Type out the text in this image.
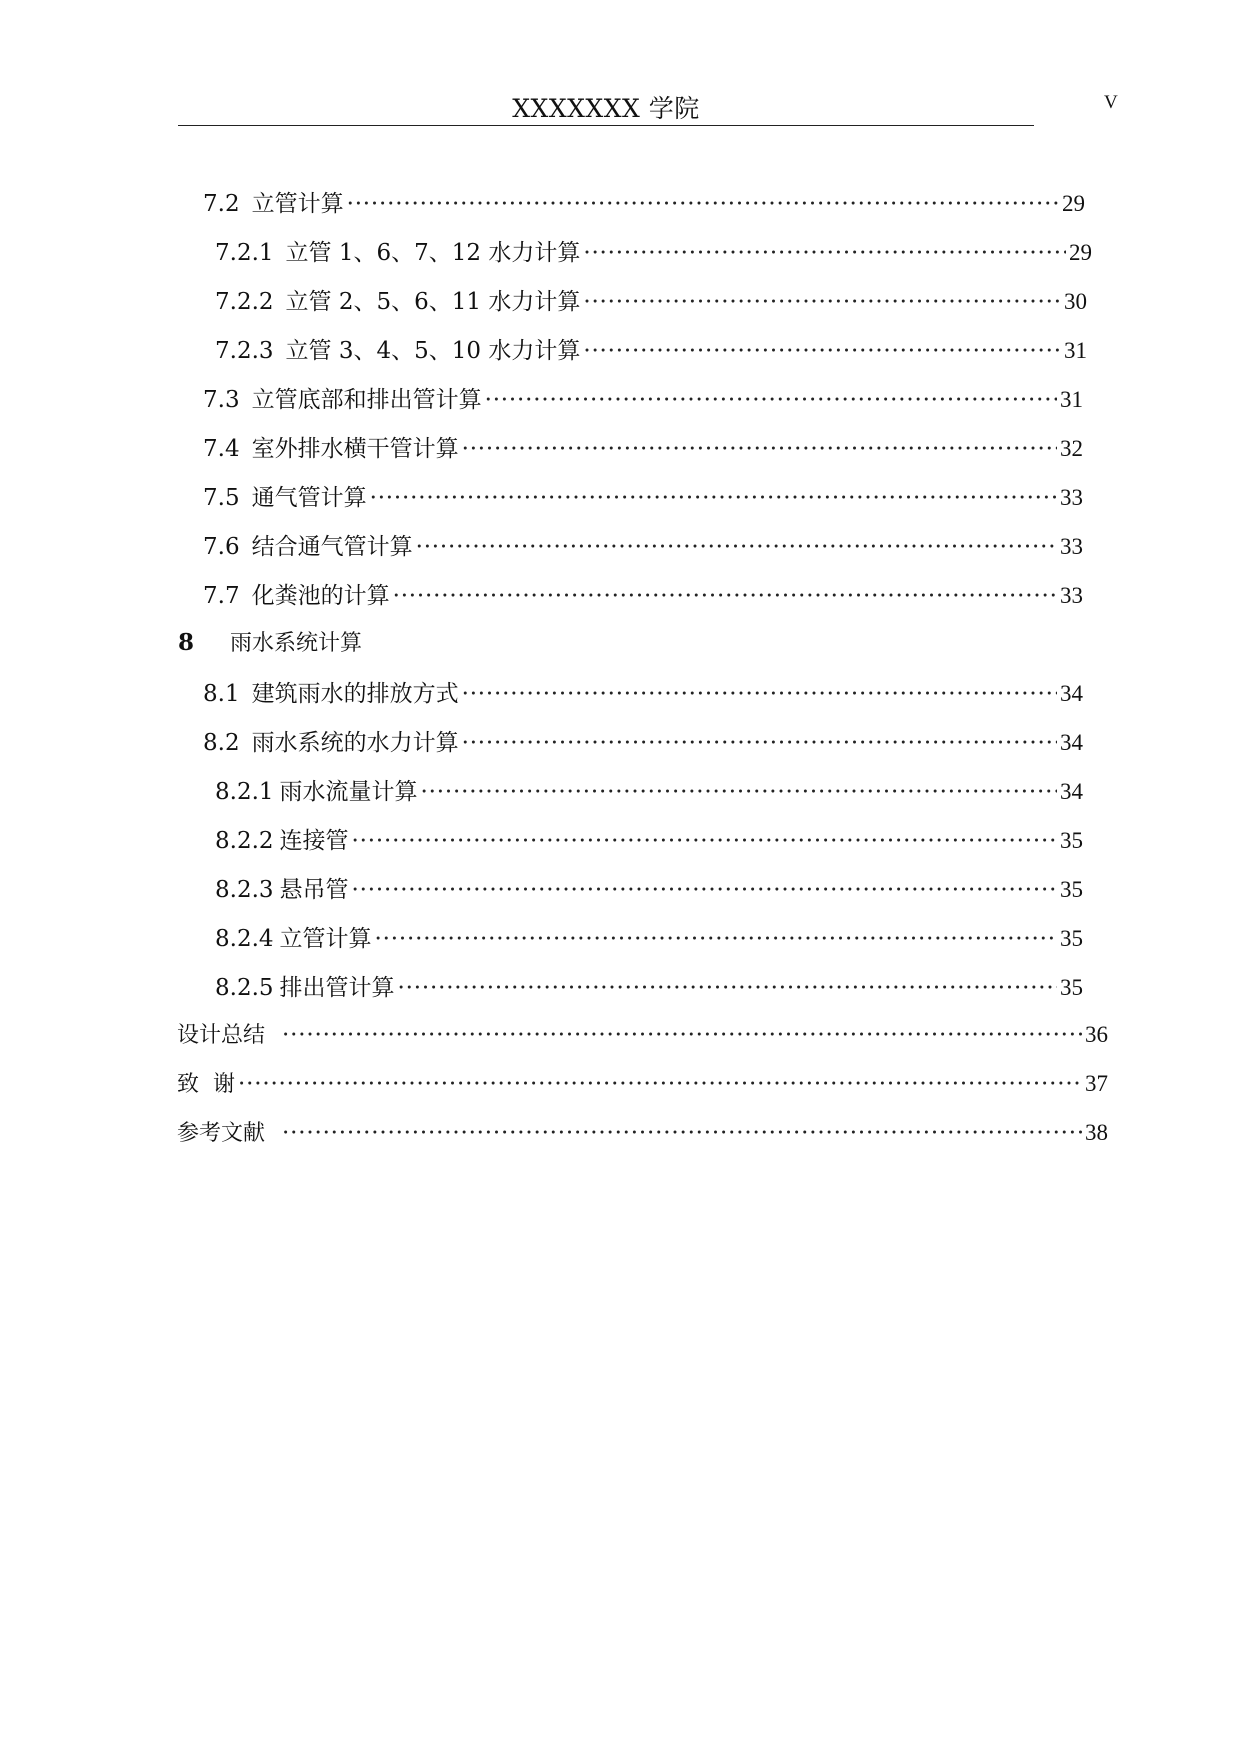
XXXXXXX 学院	V
7.2 立管计算 ·····	29
7.2.1 立管 1、6、7、12 水力计算 ·····	29
7.2.2 立管 2、5、6、11 水力计算 ·····	30
7.2.3 立管 3、4、5、10 水力计算 ·····	31
7.3 立管底部和排出管计算 ·····	31
7.4 室外排水横干管计算 ·····	32
7.5 通气管计算 ·····	33
7.6 结合通气管计算 ·····	33
7.7 化粪池的计算 ·····	33
8	雨水系统计算
8.1 建筑雨水的排放方式 ·····	34
8.2 雨水系统的水力计算 ·····	34
8.2.1 雨水流量计算 ·····	34
8.2.2 连接管 ·····	35
8.2.3 悬吊管 ·····	35
8.2.4 立管计算 ·····	35
8.2.5 排出管计算 ·····	35
设计总结 ·····	36
致  谢 ·····	37
参考文献 ·····	38
